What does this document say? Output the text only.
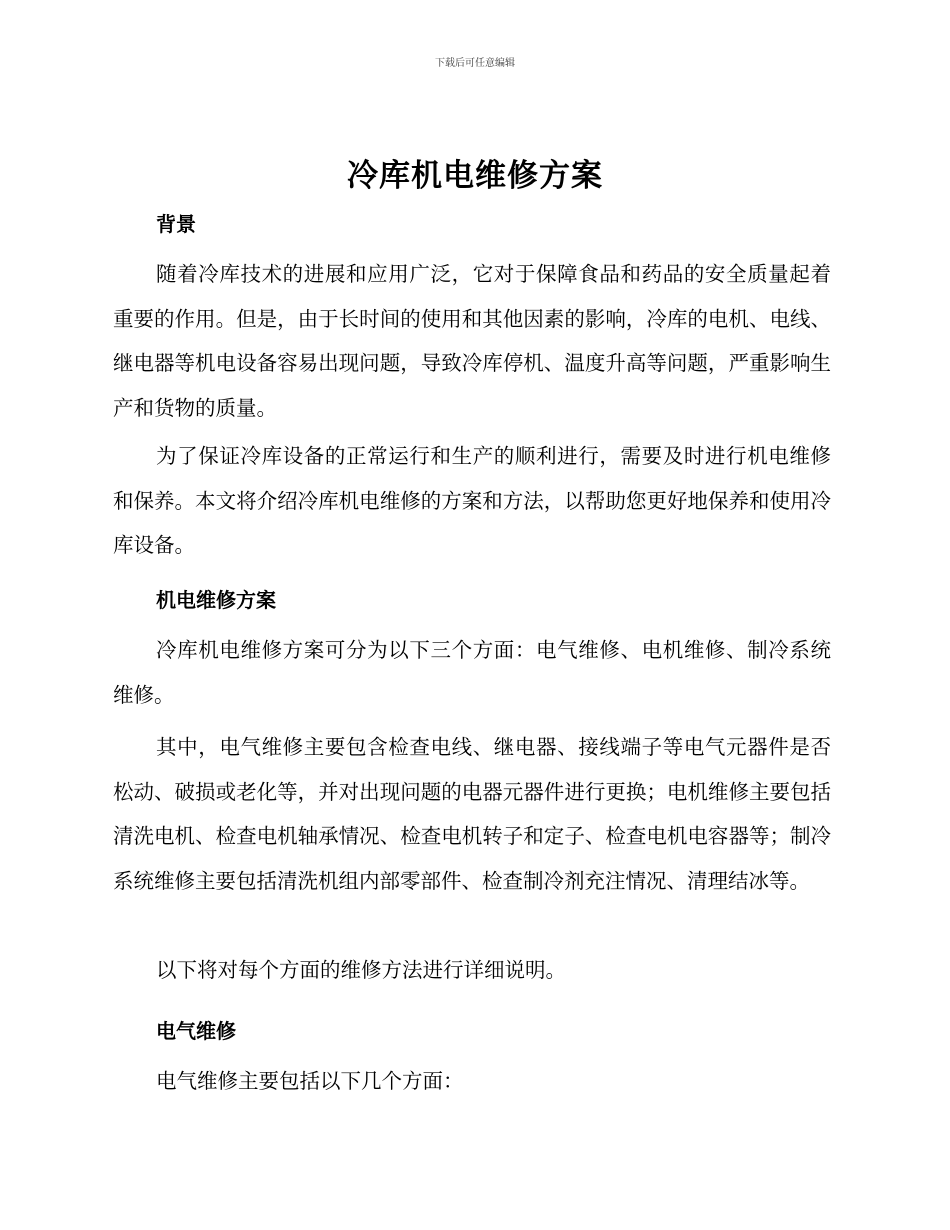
下载后可任意编辑
冷库机电维修方案
背景

随着冷库技术的进展和应用广泛，它对于保障食品和药品的安全质量起着重要的作用。但是，由于长时间的使用和其他因素的影响，冷库的电机、电线、继电器等机电设备容易出现问题，导致冷库停机、温度升高等问题，严重影响生产和货物的质量。

为了保证冷库设备的正常运行和生产的顺利进行，需要及时进行机电维修和保养。本文将介绍冷库机电维修的方案和方法，以帮助您更好地保养和使用冷库设备。

机电维修方案

冷库机电维修方案可分为以下三个方面：电气维修、电机维修、制冷系统维修。

其中，电气维修主要包含检查电线、继电器、接线端子等电气元器件是否松动、破损或老化等，并对出现问题的电器元器件进行更换；电机维修主要包括清洗电机、检查电机轴承情况、检查电机转子和定子、检查电机电容器等；制冷系统维修主要包括清洗机组内部零部件、检查制冷剂充注情况、清理结冰等。

以下将对每个方面的维修方法进行详细说明。

电气维修

电气维修主要包括以下几个方面：
